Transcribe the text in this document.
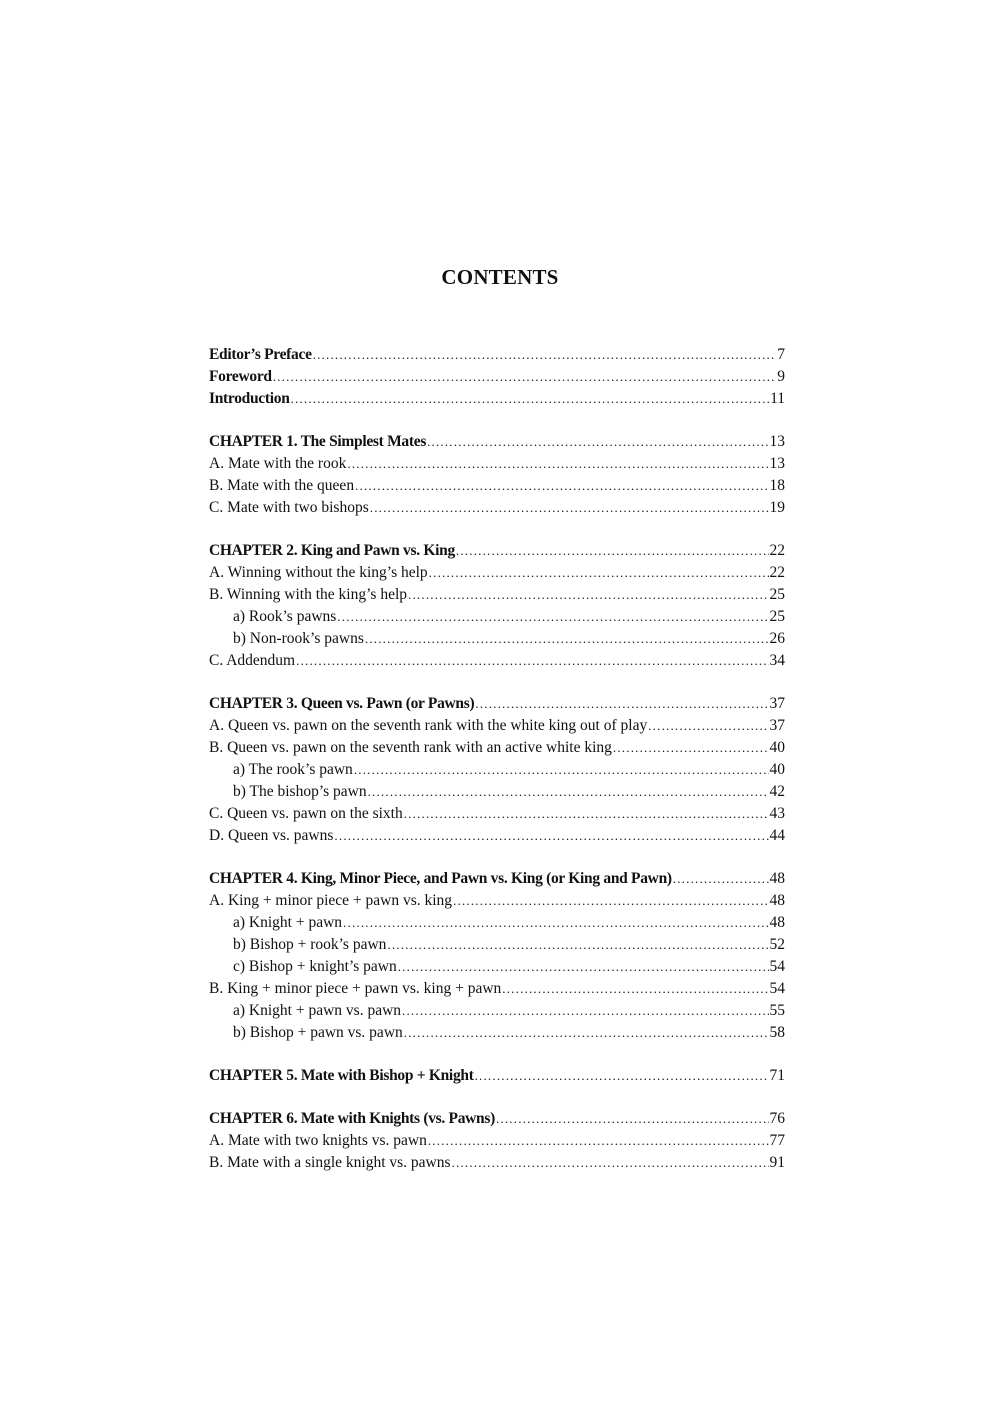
CONTENTS
Editor’s Preface .....	7
Foreword .....	9
Introduction .....	11
CHAPTER 1. The Simplest Mates .....	13
A. Mate with the rook .....	13
B. Mate with the queen .....	18
C. Mate with two bishops .....	19
CHAPTER 2. King and Pawn vs. King .....	22
A. Winning without the king’s help .....	22
B. Winning with the king’s help .....	25
a) Rook’s pawns .....	25
b) Non-rook’s pawns .....	26
C. Addendum .....	34
CHAPTER 3. Queen vs. Pawn (or Pawns) .....	37
A. Queen vs. pawn on the seventh rank with the white king out of play .....	37
B. Queen vs. pawn on the seventh rank with an active white king .....	40
a) The rook’s pawn .....	40
b) The bishop’s pawn .....	42
C. Queen vs. pawn on the sixth .....	43
D. Queen vs. pawns .....	44
CHAPTER 4. King, Minor Piece, and Pawn vs. King (or King and Pawn) .....	48
A. King + minor piece + pawn vs. king .....	48
a) Knight + pawn .....	48
b) Bishop + rook’s pawn .....	52
c) Bishop + knight’s pawn .....	54
B. King + minor piece + pawn vs. king + pawn .....	54
a) Knight + pawn vs. pawn .....	55
b) Bishop + pawn vs. pawn .....	58
CHAPTER 5. Mate with Bishop + Knight .....	71
CHAPTER 6. Mate with Knights (vs. Pawns) .....	76
A. Mate with two knights vs. pawn .....	77
B. Mate with a single knight vs. pawns .....	91
